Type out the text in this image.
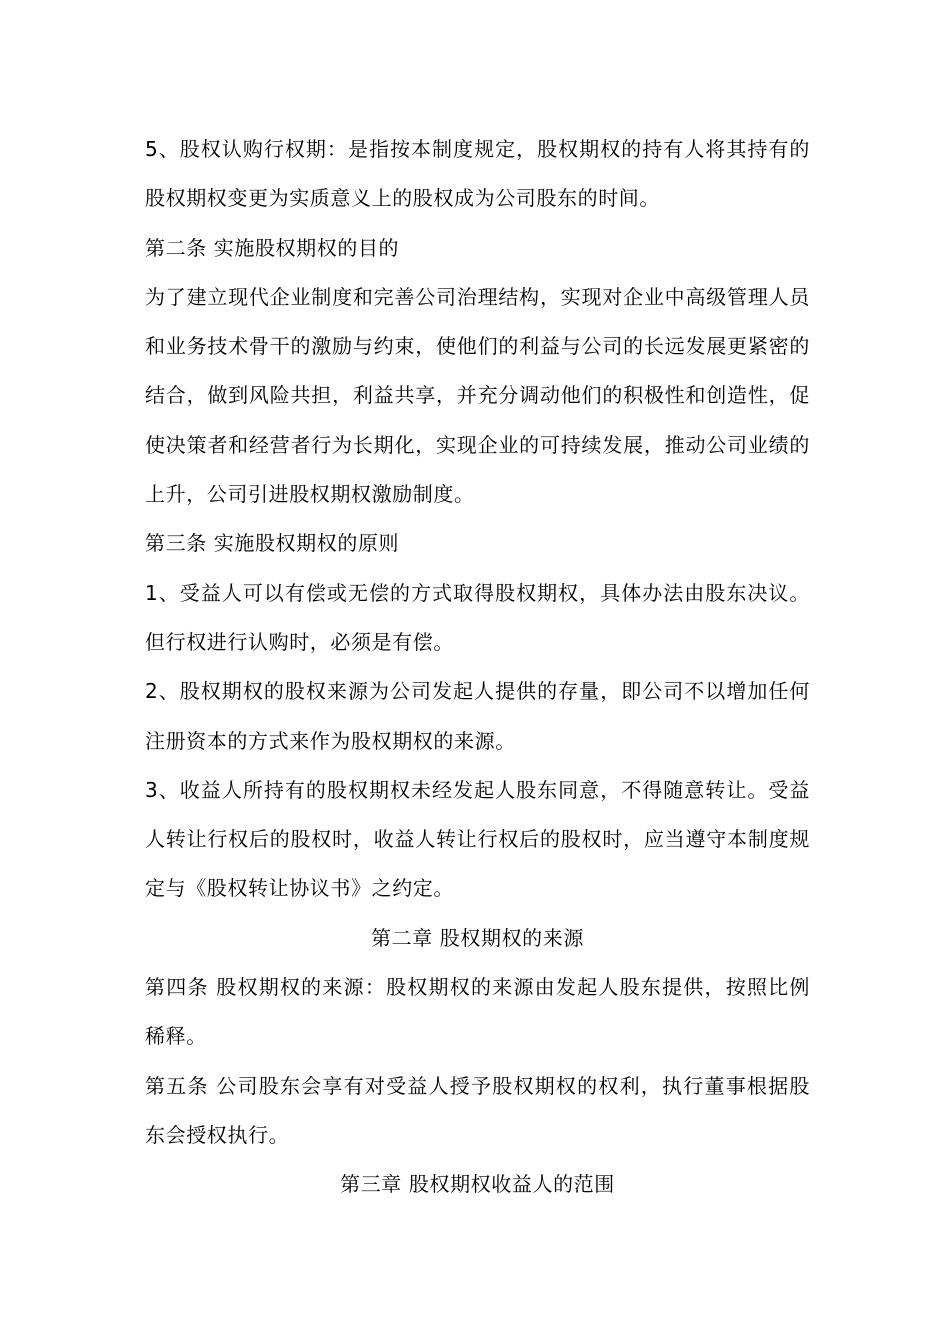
5、股权认购行权期：是指按本制度规定，股权期权的持有人将其持有的股权期权变更为实质意义上的股权成为公司股东的时间。

第二条 实施股权期权的目的

为了建立现代企业制度和完善公司治理结构，实现对企业中高级管理人员和业务技术骨干的激励与约束，使他们的利益与公司的长远发展更紧密的结合，做到风险共担，利益共享，并充分调动他们的积极性和创造性，促使决策者和经营者行为长期化，实现企业的可持续发展，推动公司业绩的上升，公司引进股权期权激励制度。

第三条 实施股权期权的原则

1、受益人可以有偿或无偿的方式取得股权期权，具体办法由股东决议。但行权进行认购时，必须是有偿。

2、股权期权的股权来源为公司发起人提供的存量，即公司不以增加任何注册资本的方式来作为股权期权的来源。

3、收益人所持有的股权期权未经发起人股东同意，不得随意转让。受益人转让行权后的股权时，收益人转让行权后的股权时，应当遵守本制度规定与《股权转让协议书》之约定。

第二章 股权期权的来源

第四条 股权期权的来源：股权期权的来源由发起人股东提供，按照比例稀释。

第五条 公司股东会享有对受益人授予股权期权的权利，执行董事根据股东会授权执行。

第三章 股权期权收益人的范围
